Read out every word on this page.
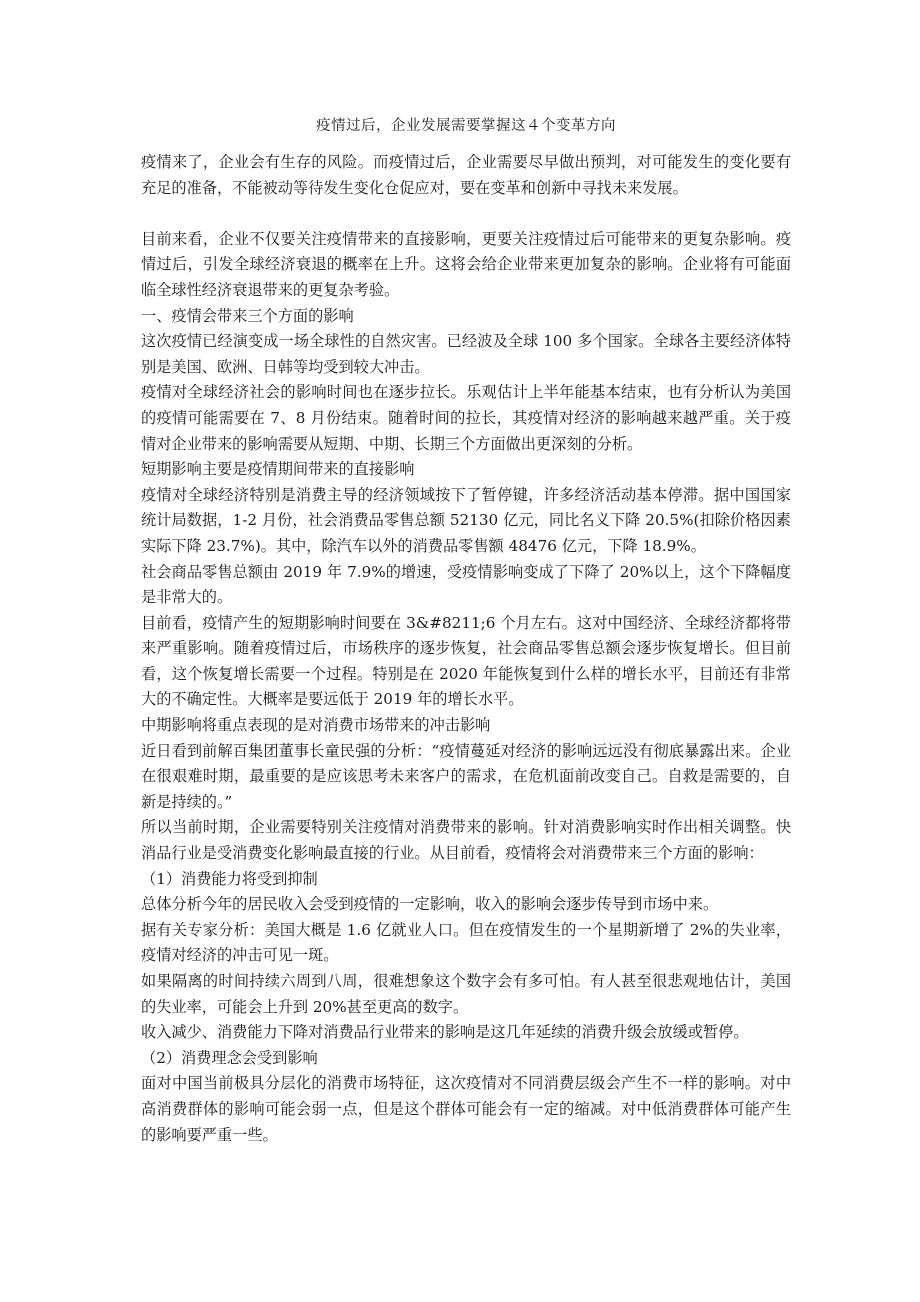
疫情过后，企业发展需要掌握这４个变革方向

疫情来了，企业会有生存的风险。而疫情过后，企业需要尽早做出预判，对可能发生的变化要有充足的准备，不能被动等待发生变化仓促应对，要在变革和创新中寻找未来发展。

目前来看，企业不仅要关注疫情带来的直接影响，更要关注疫情过后可能带来的更复杂影响。疫情过后，引发全球经济衰退的概率在上升。这将会给企业带来更加复杂的影响。企业将有可能面临全球性经济衰退带来的更复杂考验。

一、疫情会带来三个方面的影响

这次疫情已经演变成一场全球性的自然灾害。已经波及全球 100 多个国家。全球各主要经济体特别是美国、欧洲、日韩等均受到较大冲击。

疫情对全球经济社会的影响时间也在逐步拉长。乐观估计上半年能基本结束，也有分析认为美国的疫情可能需要在 7、8 月份结束。随着时间的拉长，其疫情对经济的影响越来越严重。关于疫情对企业带来的影响需要从短期、中期、长期三个方面做出更深刻的分析。

短期影响主要是疫情期间带来的直接影响

疫情对全球经济特别是消费主导的经济领域按下了暂停键，许多经济活动基本停滞。据中国国家统计局数据，1-2 月份，社会消费品零售总额 52130 亿元，同比名义下降 20.5%(扣除价格因素实际下降 23.7%)。其中，除汽车以外的消费品零售额 48476 亿元，下降 18.9%。

社会商品零售总额由 2019 年 7.9%的增速，受疫情影响变成了下降了 20%以上，这个下降幅度是非常大的。

目前看，疫情产生的短期影响时间要在 3&#8211;6 个月左右。这对中国经济、全球经济都将带来严重影响。随着疫情过后，市场秩序的逐步恢复，社会商品零售总额会逐步恢复增长。但目前看，这个恢复增长需要一个过程。特别是在 2020 年能恢复到什么样的增长水平，目前还有非常大的不确定性。大概率是要远低于 2019 年的增长水平。

中期影响将重点表现的是对消费市场带来的冲击影响

近日看到前解百集团董事长童民强的分析：“疫情蔓延对经济的影响远远没有彻底暴露出来。企业在很艰难时期，最重要的是应该思考未来客户的需求，在危机面前改变自己。自救是需要的，自新是持续的。”

所以当前时期，企业需要特别关注疫情对消费带来的影响。针对消费影响实时作出相关调整。快消品行业是受消费变化影响最直接的行业。从目前看，疫情将会对消费带来三个方面的影响：

（1）消费能力将受到抑制

总体分析今年的居民收入会受到疫情的一定影响，收入的影响会逐步传导到市场中来。

据有关专家分析：美国大概是 1.6 亿就业人口。但在疫情发生的一个星期新增了 2%的失业率，疫情对经济的冲击可见一斑。

如果隔离的时间持续六周到八周，很难想象这个数字会有多可怕。有人甚至很悲观地估计，美国的失业率，可能会上升到 20%甚至更高的数字。

收入减少、消费能力下降对消费品行业带来的影响是这几年延续的消费升级会放缓或暂停。

（2）消费理念会受到影响

面对中国当前极具分层化的消费市场特征，这次疫情对不同消费层级会产生不一样的影响。对中高消费群体的影响可能会弱一点，但是这个群体可能会有一定的缩减。对中低消费群体可能产生的影响要严重一些。
